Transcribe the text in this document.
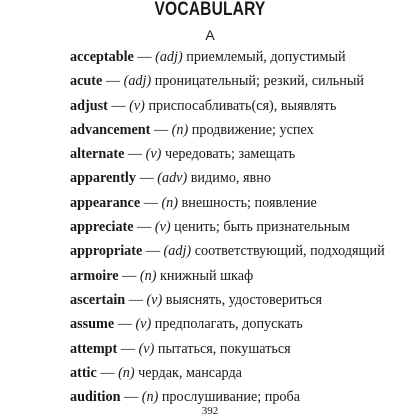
VOCABULARY
A
acceptable — (adj) приемлемый, допустимый
acute — (adj) проницательный; резкий, сильный
adjust — (v) приспосабливать(ся), выявлять
advancement — (n) продвижение; успех
alternate — (v) чередовать; замещать
apparently — (adv) видимо, явно
appearance — (n) внешность; появление
appreciate — (v) ценить; быть признательным
appropriate — (adj) соответствующий, подходящий
armoire — (n) книжный шкаф
ascertain — (v) выяснять, удостовериться
assume — (v) предполагать, допускать
attempt — (v) пытаться, покушаться
attic — (n) чердак, мансарда
audition — (n) прослушивание; проба
392
